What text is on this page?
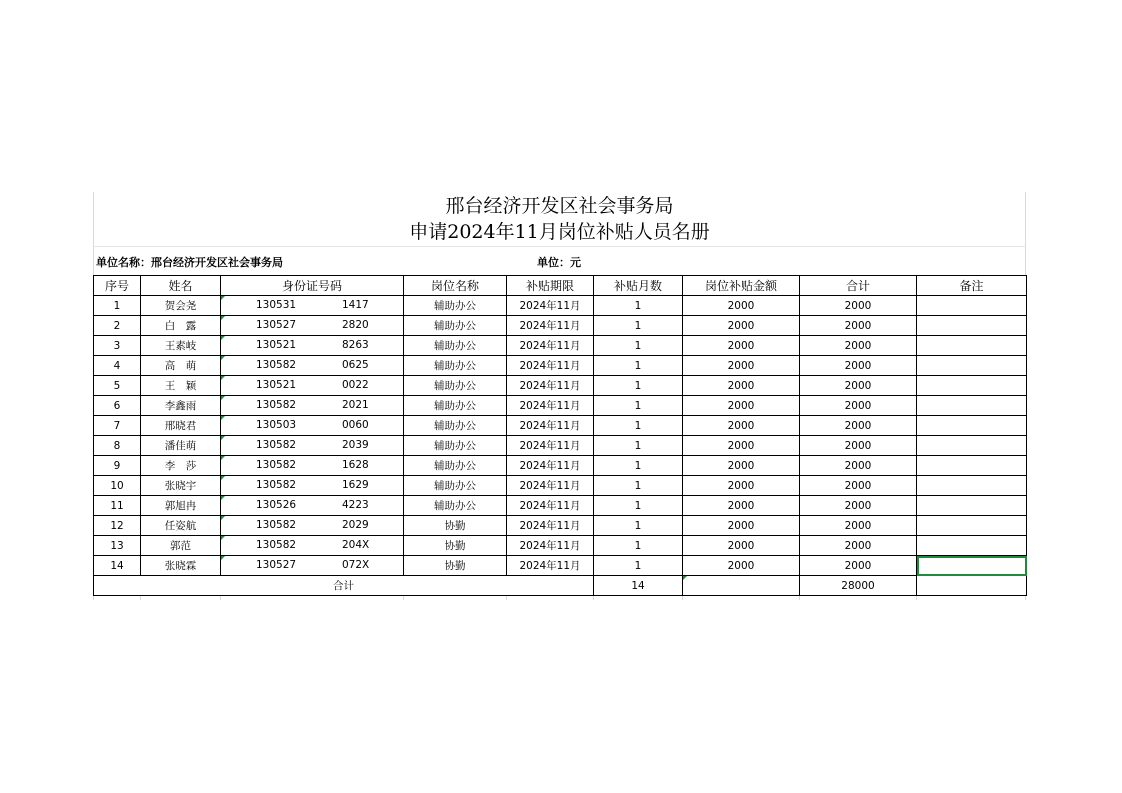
邢台经济开发区社会事务局
申请2024年11月岗位补贴人员名册
单位名称：邢台经济开发区社会事务局	单位：元
序号	姓名	身份证号码	岗位名称	补贴期限	补贴月数	岗位补贴金额	合计	备注
1	贺会尧	130531 1417	辅助办公	2024年11月	1	2000	2000	
2	白　露	130527 2820	辅助办公	2024年11月	1	2000	2000	
3	王素岐	130521 8263	辅助办公	2024年11月	1	2000	2000	
4	高　萌	130582 0625	辅助办公	2024年11月	1	2000	2000	
5	王　颖	130521 0022	辅助办公	2024年11月	1	2000	2000	
6	李鑫雨	130582 2021	辅助办公	2024年11月	1	2000	2000	
7	邢晓君	130503 0060	辅助办公	2024年11月	1	2000	2000	
8	潘佳萌	130582 2039	辅助办公	2024年11月	1	2000	2000	
9	李　莎	130582 1628	辅助办公	2024年11月	1	2000	2000	
10	张晓宇	130582 1629	辅助办公	2024年11月	1	2000	2000	
11	郭旭冉	130526 4223	辅助办公	2024年11月	1	2000	2000	
12	任姿航	130582 2029	协勤	2024年11月	1	2000	2000	
13	郭范	130582 204X	协勤	2024年11月	1	2000	2000	
14	张晓霖	130527 072X	协勤	2024年11月	1	2000	2000	
合计					14		28000	
